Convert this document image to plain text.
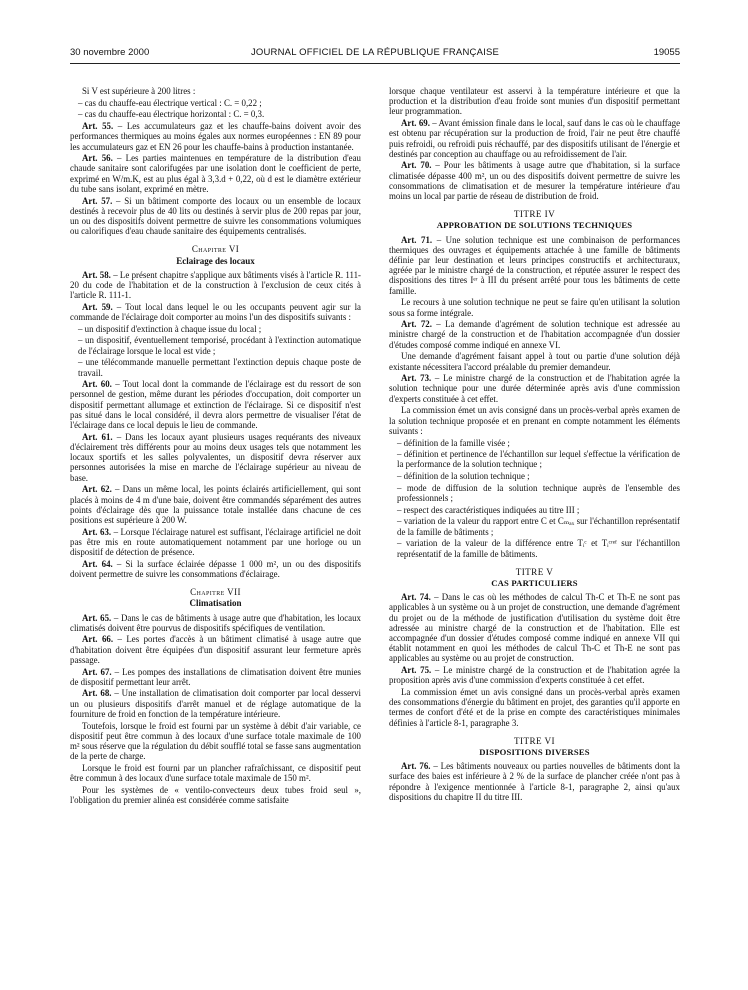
30 novembre 2000	JOURNAL OFFICIEL DE LA RÉPUBLIQUE FRANÇAISE	19055

Si V est supérieure à 200 litres :

– cas du chauffe-eau électrique vertical : C. = 0,22 ;

– cas du chauffe-eau électrique horizontal : C. = 0,3.

Art. 55. – Les accumulateurs gaz et les chauffe-bains doivent avoir des performances thermiques au moins égales aux normes européennes : EN 89 pour les accumulateurs gaz et EN 26 pour les chauffe-bains à production instantanée.

Art. 56. – Les parties maintenues en température de la distribution d'eau chaude sanitaire sont calorifugées par une isolation dont le coefficient de perte, exprimé en W/m.K, est au plus égal à 3,3.d + 0,22, où d est le diamètre extérieur du tube sans isolant, exprimé en mètre.

Art. 57. – Si un bâtiment comporte des locaux ou un ensemble de locaux destinés à recevoir plus de 40 lits ou destinés à servir plus de 200 repas par jour, un ou des dispositifs doivent permettre de suivre les consommations volumiques ou calorifiques d'eau chaude sanitaire des équipements centralisés.

Chapitre VI
Eclairage des locaux

Art. 58. – Le présent chapitre s'applique aux bâtiments visés à l'article R. 111-20 du code de l'habitation et de la construction à l'exclusion de ceux cités à l'article R. 111-1.

Art. 59. – Tout local dans lequel le ou les occupants peuvent agir sur la commande de l'éclairage doit comporter au moins l'un des dispositifs suivants :

– un dispositif d'extinction à chaque issue du local ;

– un dispositif, éventuellement temporisé, procédant à l'extinction automatique de l'éclairage lorsque le local est vide ;

– une télécommande manuelle permettant l'extinction depuis chaque poste de travail.

Art. 60. – Tout local dont la commande de l'éclairage est du ressort de son personnel de gestion, même durant les périodes d'occupation, doit comporter un dispositif permettant allumage et extinction de l'éclairage. Si ce dispositif n'est pas situé dans le local considéré, il devra alors permettre de visualiser l'état de l'éclairage dans ce local depuis le lieu de commande.

Art. 61. – Dans les locaux ayant plusieurs usages requérants des niveaux d'éclairement très différents pour au moins deux usages tels que notamment les locaux sportifs et les salles polyvalentes, un dispositif devra réserver aux personnes autorisées la mise en marche de l'éclairage supérieur au niveau de base.

Art. 62. – Dans un même local, les points éclairés artificiellement, qui sont placés à moins de 4 m d'une baie, doivent être commandés séparément des autres points d'éclairage dès que la puissance totale installée dans chacune de ces positions est supérieure à 200 W.

Art. 63. – Lorsque l'éclairage naturel est suffisant, l'éclairage artificiel ne doit pas être mis en route automatiquement notamment par une horloge ou un dispositif de détection de présence.

Art. 64. – Si la surface éclairée dépasse 1 000 m², un ou des dispositifs doivent permettre de suivre les consommations d'éclairage.

Chapitre VII
Climatisation

Art. 65. – Dans le cas de bâtiments à usage autre que d'habitation, les locaux climatisés doivent être pourvus de dispositifs spécifiques de ventilation.

Art. 66. – Les portes d'accès à un bâtiment climatisé à usage autre que d'habitation doivent être équipées d'un dispositif assurant leur fermeture après passage.

Art. 67. – Les pompes des installations de climatisation doivent être munies de dispositif permettant leur arrêt.

Art. 68. – Une installation de climatisation doit comporter par local desservi un ou plusieurs dispositifs d'arrêt manuel et de réglage automatique de la fourniture de froid en fonction de la température intérieure.

Toutefois, lorsque le froid est fourni par un système à débit d'air variable, ce dispositif peut être commun à des locaux d'une surface totale maximale de 100 m² sous réserve que la régulation du débit soufflé total se fasse sans augmentation de la perte de charge.

Lorsque le froid est fourni par un plancher rafraîchissant, ce dispositif peut être commun à des locaux d'une surface totale maximale de 150 m².

Pour les systèmes de « ventilo-convecteurs deux tubes froid seul », l'obligation du premier alinéa est considérée comme satisfaite

lorsque chaque ventilateur est asservi à la température intérieure et que la production et la distribution d'eau froide sont munies d'un dispositif permettant leur programmation.

Art. 69. – Avant émission finale dans le local, sauf dans le cas où le chauffage est obtenu par récupération sur la production de froid, l'air ne peut être chauffé puis refroidi, ou refroidi puis réchauffé, par des dispositifs utilisant de l'énergie et destinés par conception au chauffage ou au refroidissement de l'air.

Art. 70. – Pour les bâtiments à usage autre que d'habitation, si la surface climatisée dépasse 400 m², un ou des dispositifs doivent permettre de suivre les consommations de climatisation et de mesurer la température intérieure d'au moins un local par partie de réseau de distribution de froid.

TITRE IV
APPROBATION DE SOLUTIONS TECHNIQUES

Art. 71. – Une solution technique est une combinaison de performances thermiques des ouvrages et équipements attachée à une famille de bâtiments définie par leur destination et leurs principes constructifs et architecturaux, agréée par le ministre chargé de la construction, et réputée assurer le respect des dispositions des titres Iᵉʳ à III du présent arrêté pour tous les bâtiments de cette famille.

Le recours à une solution technique ne peut se faire qu'en utilisant la solution sous sa forme intégrale.

Art. 72. – La demande d'agrément de solution technique est adressée au ministre chargé de la construction et de l'habitation accompagnée d'un dossier d'études composé comme indiqué en annexe VI.

Une demande d'agrément faisant appel à tout ou partie d'une solution déjà existante nécessitera l'accord préalable du premier demandeur.

Art. 73. – Le ministre chargé de la construction et de l'habitation agrée la solution technique pour une durée déterminée après avis d'une commission d'experts constituée à cet effet.

La commission émet un avis consigné dans un procès-verbal après examen de la solution technique proposée et en prenant en compte notamment les éléments suivants :

– définition de la famille visée ;

– définition et pertinence de l'échantillon sur lequel s'effectue la vérification de la performance de la solution technique ;

– définition de la solution technique ;

– mode de diffusion de la solution technique auprès de l'ensemble des professionnels ;

– respect des caractéristiques indiquées au titre III ;

– variation de la valeur du rapport entre C et Cₘₐₓ sur l'échantillon représentatif de la famille de bâtiments ;

– variation de la valeur de la différence entre Tᵢᶜ et Tᵢᶜʳᵉᶠ sur l'échantillon représentatif de la famille de bâtiments.

TITRE V
CAS PARTICULIERS

Art. 74. – Dans le cas où les méthodes de calcul Th-C et Th-E ne sont pas applicables à un système ou à un projet de construction, une demande d'agrément du projet ou de la méthode de justification d'utilisation du système doit être adressée au ministre chargé de la construction et de l'habitation. Elle est accompagnée d'un dossier d'études composé comme indiqué en annexe VII qui établit notamment en quoi les méthodes de calcul Th-C et Th-E ne sont pas applicables au système ou au projet de construction.

Art. 75. – Le ministre chargé de la construction et de l'habitation agrée la proposition après avis d'une commission d'experts constituée à cet effet.

La commission émet un avis consigné dans un procès-verbal après examen des consommations d'énergie du bâtiment en projet, des garanties qu'il apporte en termes de confort d'été et de la prise en compte des caractéristiques minimales définies à l'article 8-1, paragraphe 3.

TITRE VI
DISPOSITIONS DIVERSES

Art. 76. – Les bâtiments nouveaux ou parties nouvelles de bâtiments dont la surface des baies est inférieure à 2 % de la surface de plancher créée n'ont pas à répondre à l'exigence mentionnée à l'article 8-1, paragraphe 2, ainsi qu'aux dispositions du chapitre II du titre III.
